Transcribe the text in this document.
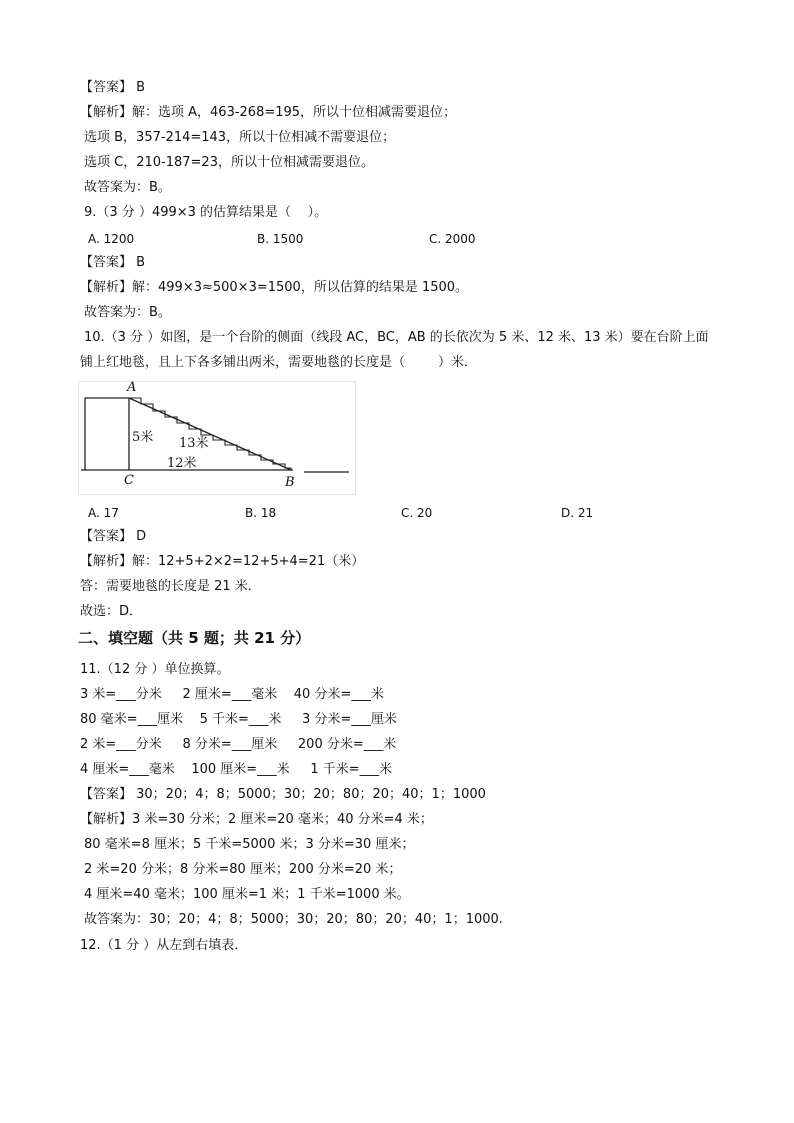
【答案】 B
【解析】解：选项 A，463-268=195，所以十位相减需要退位；
选项 B，357-214=143，所以十位相减不需要退位；
选项 C，210-187=23，所以十位相减需要退位。
故答案为：B。
9.（3 分 ）499×3 的估算结果是（    ）。
A. 1200	B. 1500	C. 2000
【答案】 B
【解析】解：499×3≈500×3=1500，所以估算的结果是 1500。
故答案为：B。
10.（3 分 ）如图，是一个台阶的侧面（线段 AC，BC，AB 的长依次为 5 米、12 米、13 米）要在台阶上面
铺上红地毯，且上下各多铺出两米，需要地毯的长度是（        ）米．
A
C	B
5米 13米
12米
A. 17	B. 18	C. 20	D. 21
【答案】 D
【解析】解：12+5+2×2=12+5+4=21（米）
答：需要地毯的长度是 21 米．
故选：D．
二、填空题（共 5 题；共 21 分）
11.（12 分 ）单位换算。
3 米=___分米     2 厘米=___毫米    40 分米=___米
80 毫米=___厘米    5 千米=___米     3 分米=___厘米
2 米=___分米     8 分米=___厘米     200 分米=___米
4 厘米=___毫米    100 厘米=___米     1 千米=___米
【答案】 30；20；4；8；5000；30；20；80；20；40；1；1000
【解析】3 米=30 分米；2 厘米=20 毫米；40 分米=4 米；
80 毫米=8 厘米；5 千米=5000 米；3 分米=30 厘米；
2 米=20 分米；8 分米=80 厘米；200 分米=20 米；
4 厘米=40 毫米；100 厘米=1 米；1 千米=1000 米。
故答案为：30；20；4；8；5000；30；20；80；20；40；1；1000.
12.（1 分 ）从左到右填表．
